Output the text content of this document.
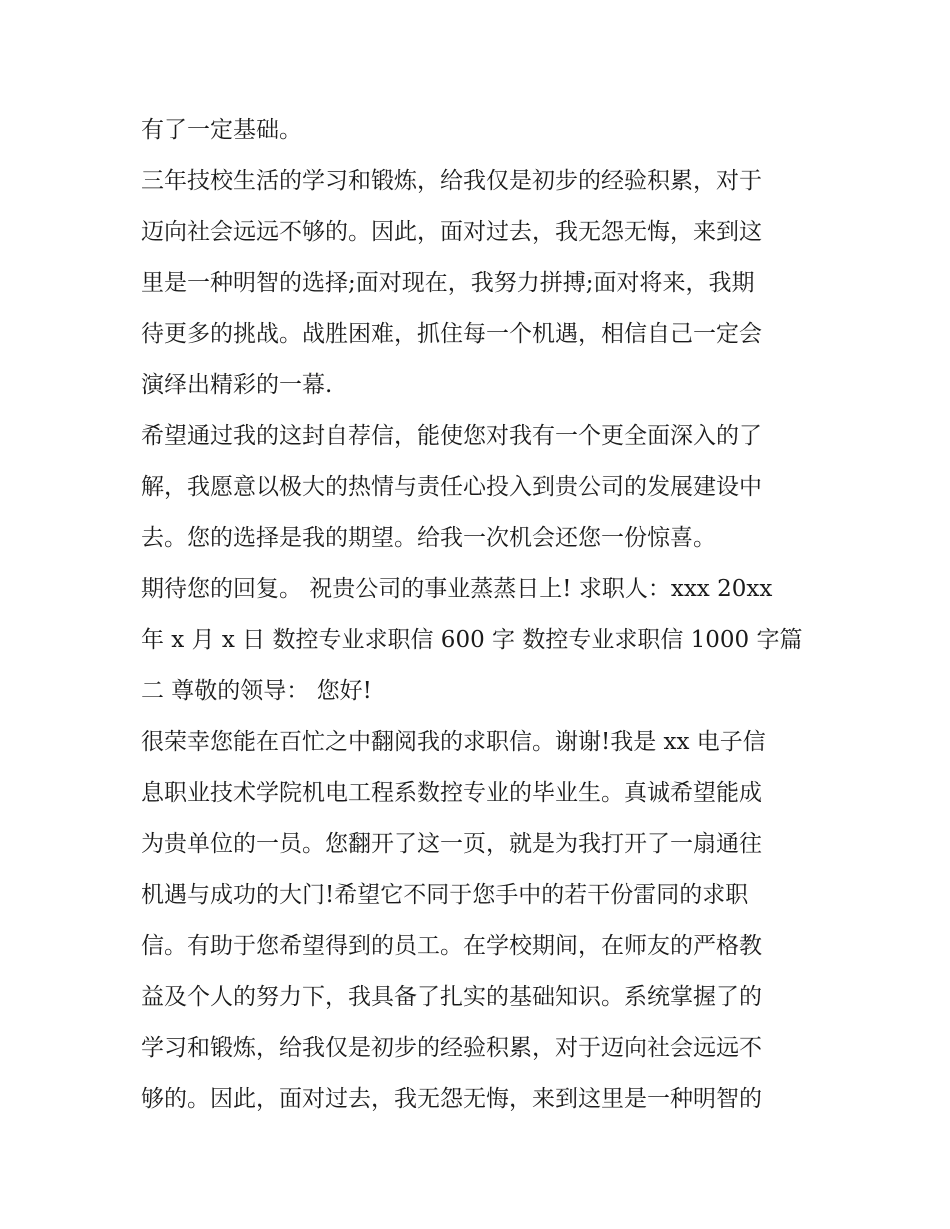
有了一定基础。
三年技校生活的学习和锻炼，给我仅是初步的经验积累，对于
迈向社会远远不够的。因此，面对过去，我无怨无悔，来到这
里是一种明智的选择;面对现在，我努力拼搏;面对将来，我期
待更多的挑战。战胜困难，抓住每一个机遇，相信自己一定会
演绎出精彩的一幕.
希望通过我的这封自荐信，能使您对我有一个更全面深入的了
解，我愿意以极大的热情与责任心投入到贵公司的发展建设中
去。您的选择是我的期望。给我一次机会还您一份惊喜。
期待您的回复。 祝贵公司的事业蒸蒸日上! 求职人：xxx 20xx
年 x 月 x 日 数控专业求职信 600 字 数控专业求职信 1000 字篇
二 尊敬的领导： 您好!
很荣幸您能在百忙之中翻阅我的求职信。谢谢!我是 xx 电子信
息职业技术学院机电工程系数控专业的毕业生。真诚希望能成
为贵单位的一员。您翻开了这一页，就是为我打开了一扇通往
机遇与成功的大门!希望它不同于您手中的若干份雷同的求职
信。有助于您希望得到的员工。在学校期间，在师友的严格教
益及个人的努力下，我具备了扎实的基础知识。系统掌握了的
学习和锻炼，给我仅是初步的经验积累，对于迈向社会远远不
够的。因此，面对过去，我无怨无悔，来到这里是一种明智的
